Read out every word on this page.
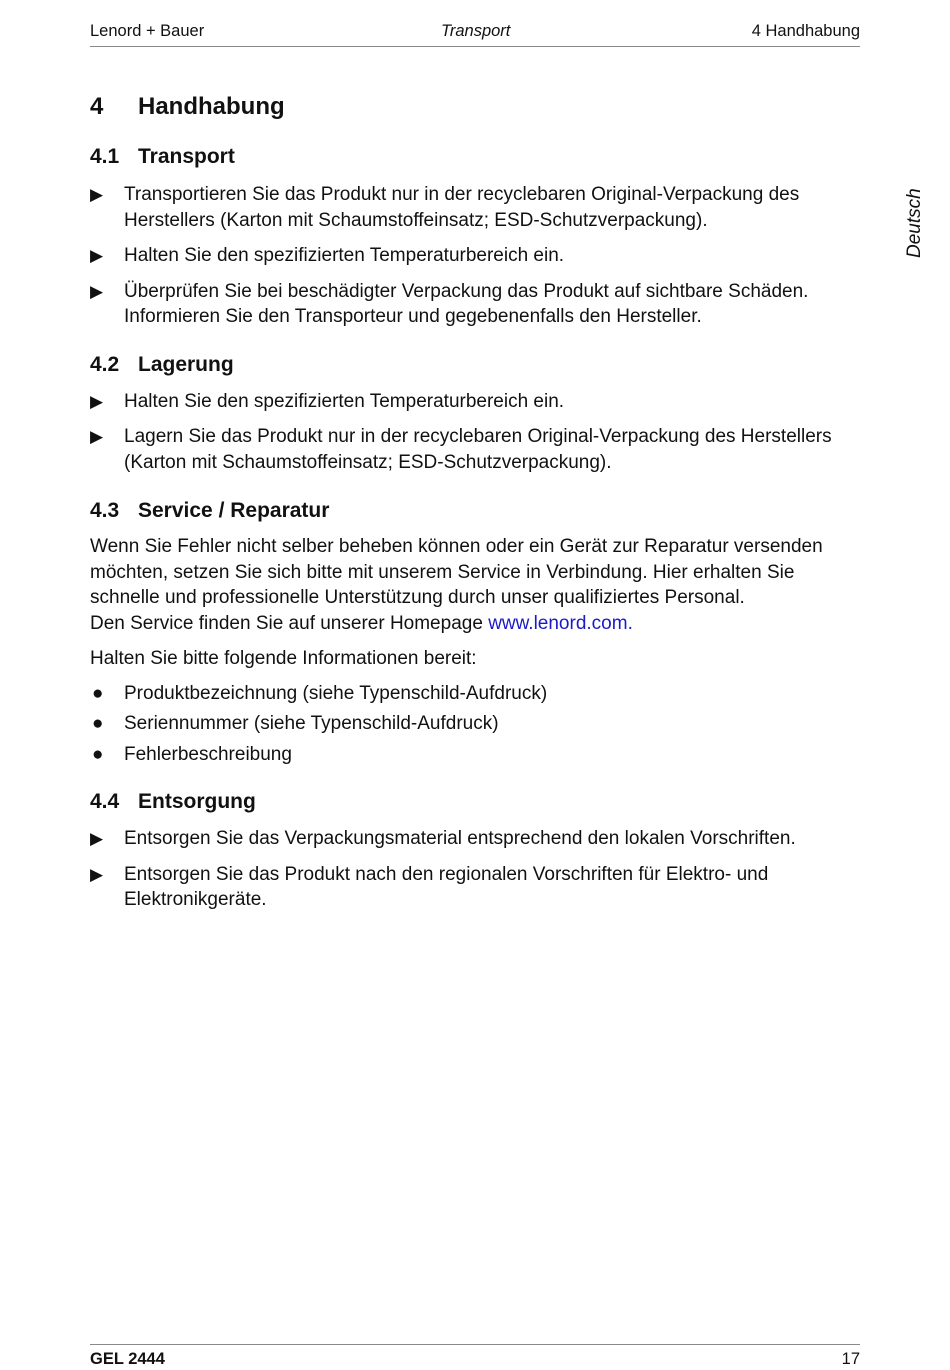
Lenord + Bauer	Transport	4 Handhabung
Deutsch
4 Handhabung
4.1 Transport
▶ Transportieren Sie das Produkt nur in der recyclebaren Original-Verpackung des Herstellers (Karton mit Schaumstoffeinsatz; ESD-Schutzverpackung).
▶ Halten Sie den spezifizierten Temperaturbereich ein.
▶ Überprüfen Sie bei beschädigter Verpackung das Produkt auf sichtbare Schäden. Informieren Sie den Transporteur und gegebenenfalls den Hersteller.
4.2 Lagerung
▶ Halten Sie den spezifizierten Temperaturbereich ein.
▶ Lagern Sie das Produkt nur in der recyclebaren Original-Verpackung des Herstellers (Karton mit Schaumstoffeinsatz; ESD-Schutzverpackung).
4.3 Service / Reparatur

Wenn Sie Fehler nicht selber beheben können oder ein Gerät zur Reparatur versenden möchten, setzen Sie sich bitte mit unserem Service in Verbindung. Hier erhalten Sie schnelle und professionelle Unterstützung durch unser qualifiziertes Personal.

Den Service finden Sie auf unserer Homepage www.lenord.com.

Halten Sie bitte folgende Informationen bereit:

● Produktbezeichnung (siehe Typenschild-Aufdruck)
● Seriennummer (siehe Typenschild-Aufdruck)
● Fehlerbeschreibung
4.4 Entsorgung
▶ Entsorgen Sie das Verpackungsmaterial entsprechend den lokalen Vorschriften.
▶ Entsorgen Sie das Produkt nach den regionalen Vorschriften für Elektro- und Elektronikgeräte.
GEL 2444	17
